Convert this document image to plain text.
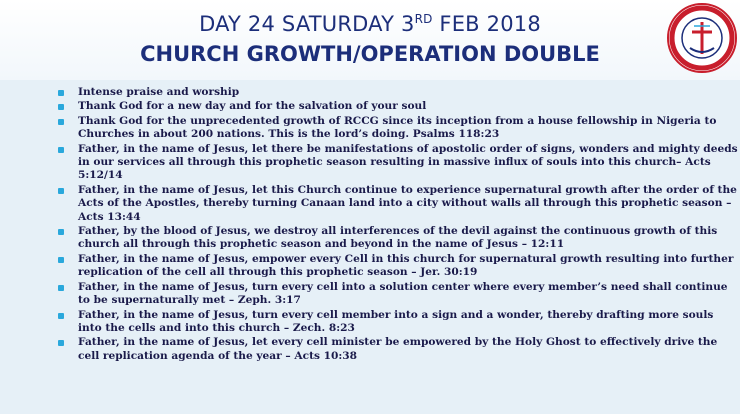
DAY 24 SATURDAY 3RD FEB 2018
CHURCH GROWTH/OPERATION DOUBLE
Intense praise and worship
Thank God for a new day and for the salvation of your soul
Thank God for the unprecedented growth of RCCG since its inception from a house fellowship in Nigeria to Churches in about 200 nations. This is the lord’s doing. Psalms 118:23
Father, in the name of Jesus, let there be manifestations of apostolic order of signs, wonders and mighty deeds in our services all through this prophetic season resulting in massive influx of souls into this church– Acts 5:12/14
Father, in the name of Jesus, let this Church continue to experience supernatural growth after the order of the Acts of the Apostles, thereby turning Canaan land into a city without walls all through this prophetic season – Acts 13:44
Father, by the blood of Jesus, we destroy all interferences of the devil against the continuous growth of this church all through this prophetic season and beyond in the name of Jesus – 12:11
Father, in the name of Jesus, empower every Cell in this church for supernatural growth resulting into further replication of the cell all through this prophetic season – Jer. 30:19
Father, in the name of Jesus, turn every cell into a solution center where every member’s need shall continue to be supernaturally met – Zeph. 3:17
Father, in the name of Jesus, turn every cell member into a sign and a wonder, thereby drafting more souls into the cells and into this church – Zech. 8:23
Father, in the name of Jesus, let every cell minister be empowered by the Holy Ghost to effectively drive the cell replication agenda of the year – Acts 10:38
